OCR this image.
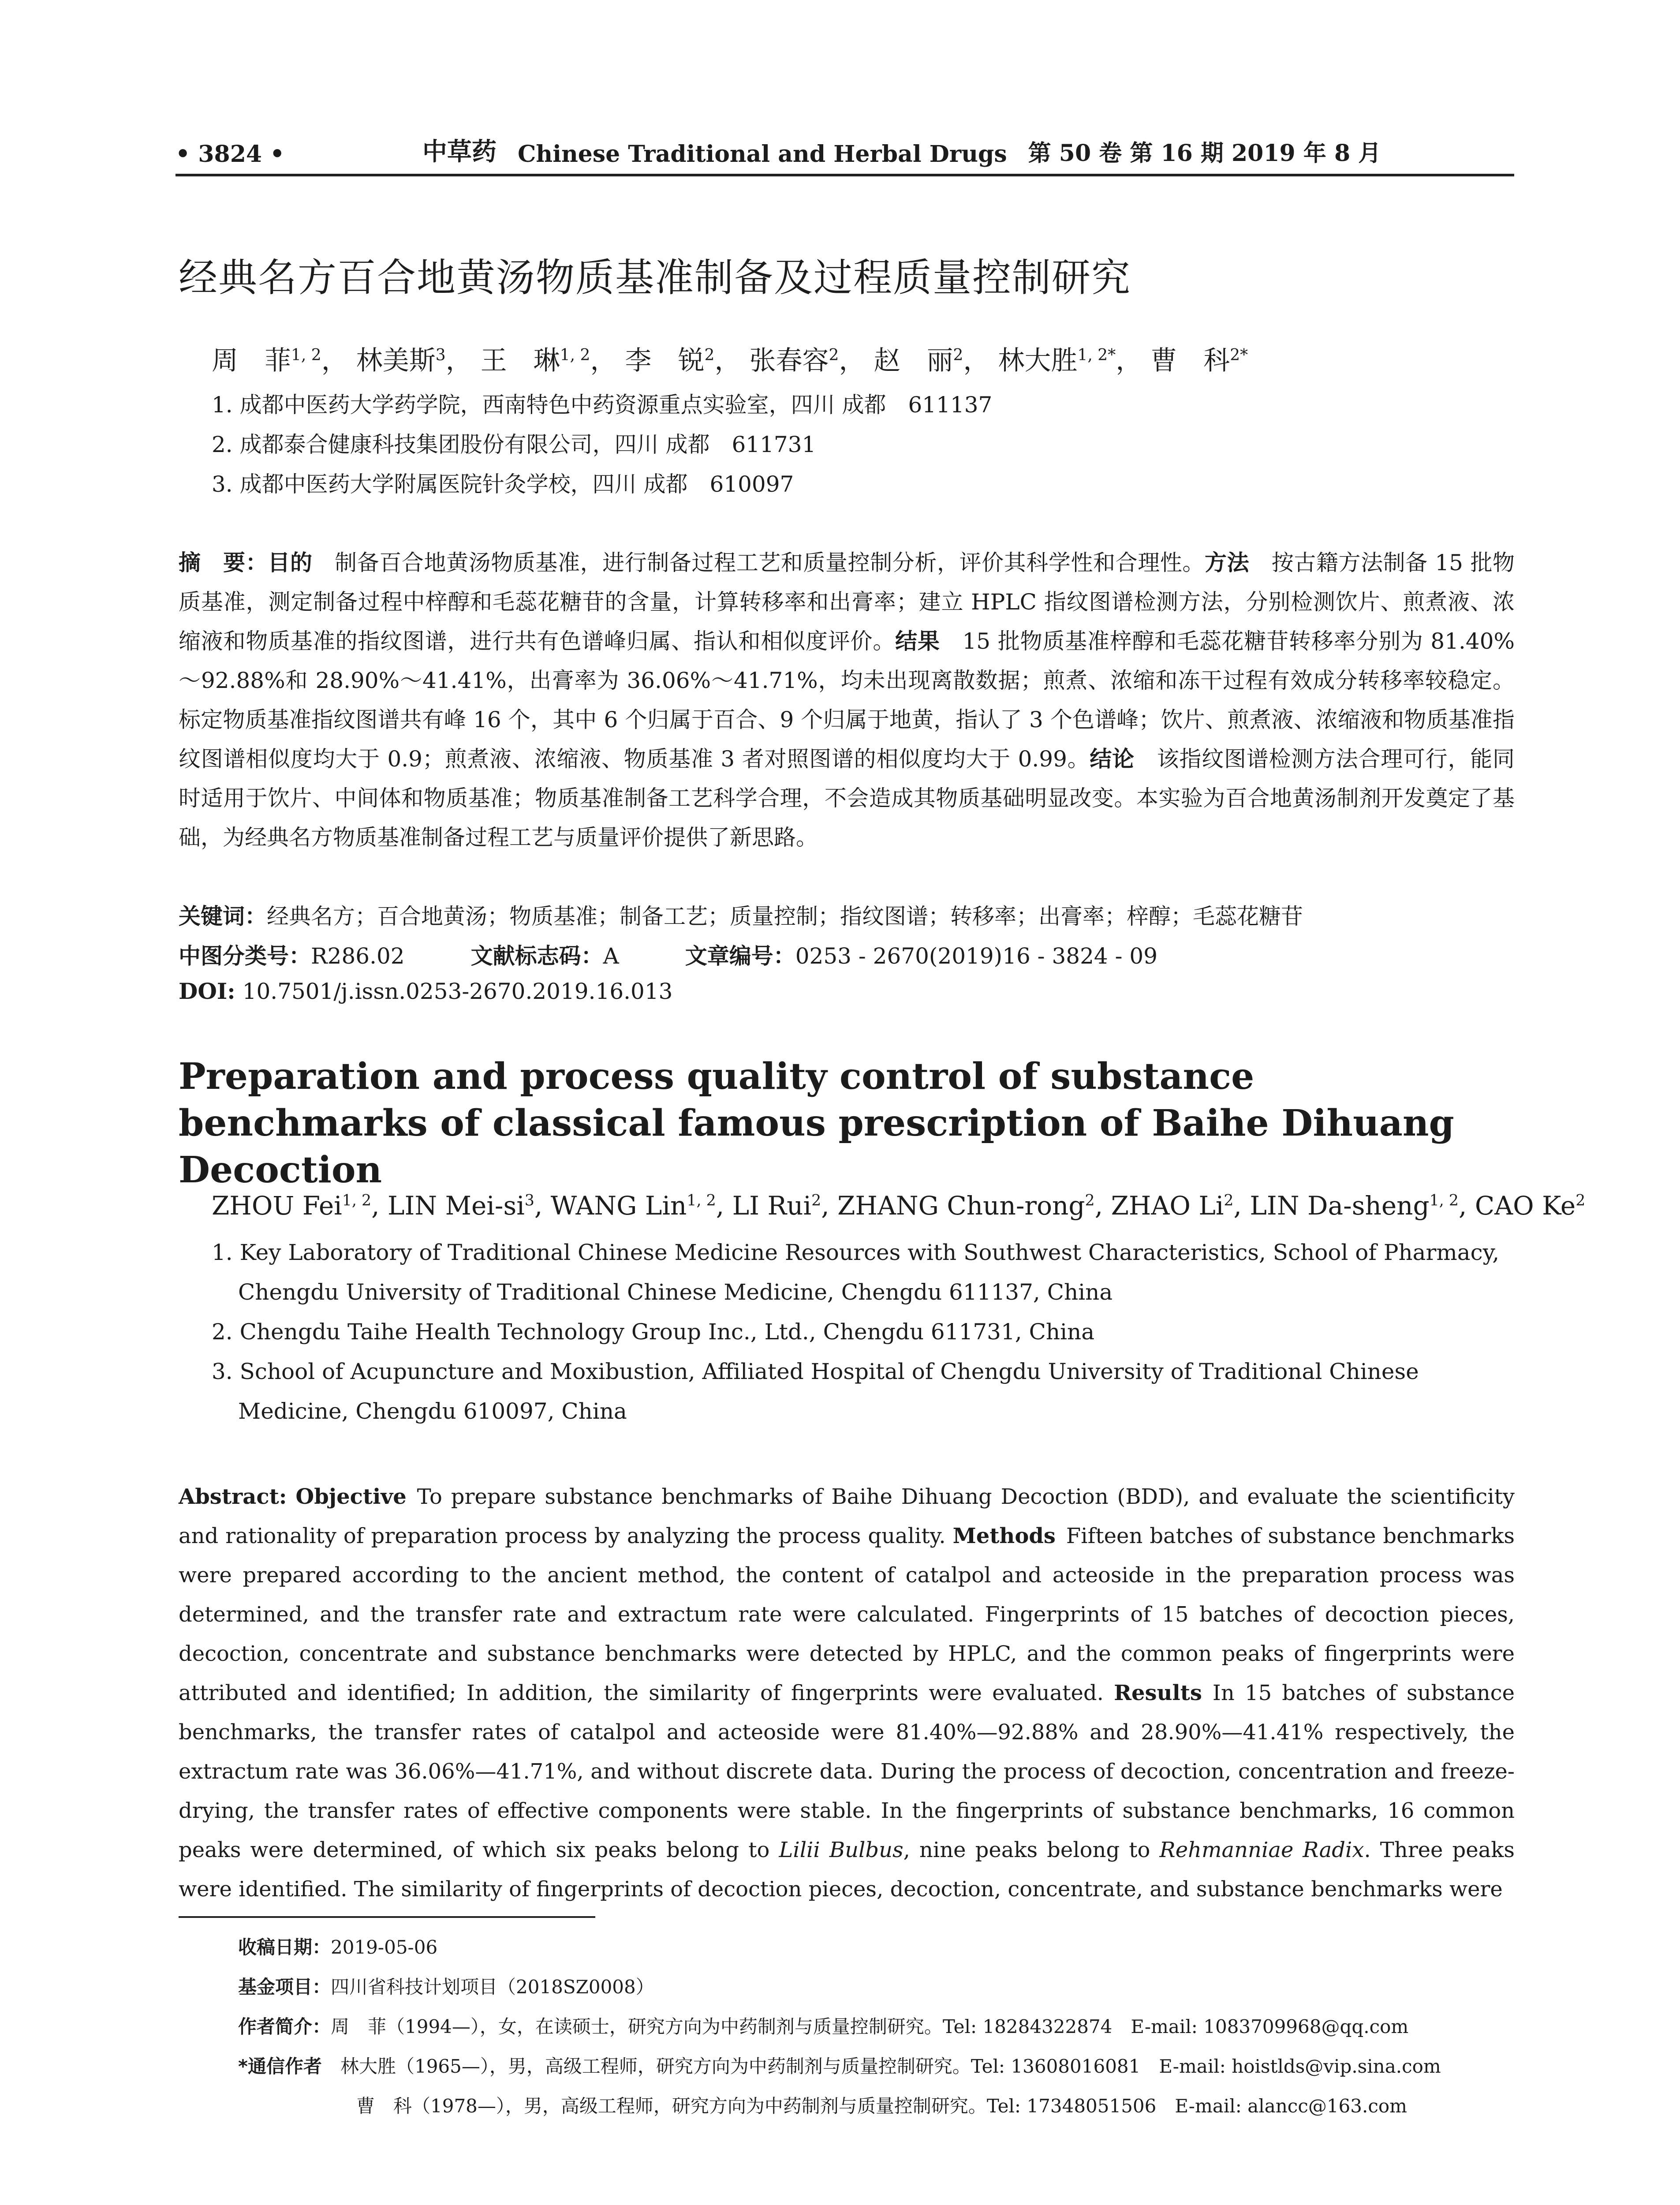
• 3824 •	中草药 Chinese Traditional and Herbal Drugs 第 50 卷 第 16 期 2019 年 8 月
经典名方百合地黄汤物质基准制备及过程质量控制研究
周　菲$^{1, 2}$， 林美斯$^3$， 王　琳$^{1, 2}$， 李　锐$^2$， 张春容$^2$， 赵　丽$^2$， 林大胜$^{1, 2*}$， 曹　科$^{2*}$
1. 成都中医药大学药学院，西南特色中药资源重点实验室，四川 成都　611137
2. 成都泰合健康科技集团股份有限公司，四川 成都　611731
3. 成都中医药大学附属医院针灸学校，四川 成都　610097
摘　要：目的　 制备百合地黄汤物质基准，进行制备过程工艺和质量控制分析，评价其科学性和合理性。方法　 按古籍方法制备 15 批物质基准，测定制备过程中梓醇和毛蕊花糖苷的含量，计算转移率和出膏率；建立 HPLC 指纹图谱检测方法，分别检测饮片、煎煮液、浓缩液和物质基准的指纹图谱，进行共有色谱峰归属、指认和相似度评价。结果　 15 批物质基准梓醇和毛蕊花糖苷转移率分别为 81.40%～92.88%和 28.90%～41.41%，出膏率为 36.06%～41.71%，均未出现离散数据；煎煮、浓缩和冻干过程有效成分转移率较稳定。标定物质基准指纹图谱共有峰 16 个，其中 6 个归属于百合、9 个归属于地黄，指认了 3 个色谱峰；饮片、煎煮液、浓缩液和物质基准指纹图谱相似度均大于 0.9；煎煮液、浓缩液、物质基准 3 者对照图谱的相似度均大于 0.99。结论　 该指纹图谱检测方法合理可行，能同时适用于饮片、中间体和物质基准；物质基准制备工艺科学合理，不会造成其物质基础明显改变。本实验为百合地黄汤制剂开发奠定了基础，为经典名方物质基准制备过程工艺与质量评价提供了新思路。
关键词：经典名方；百合地黄汤；物质基准；制备工艺；质量控制；指纹图谱；转移率；出膏率；梓醇；毛蕊花糖苷
中图分类号：R286.02	文献标志码：A	文章编号：0253 - 2670(2019)16 - 3824 - 09
DOI: 10.7501/j.issn.0253-2670.2019.16.013
Preparation and process quality control of substance benchmarks of classical famous prescription of Baihe Dihuang Decoction
ZHOU Fei$^{1, 2}$, LIN Mei-$si^3$, WANG Lin$^{1, 2}$, LI Rui$^2$, ZHANG Chun-rong$^2$, ZHAO Li$^2$, LIN Da-sheng$^{1, 2}$, CAO Ke$^2$
1. Key Laboratory of Traditional Chinese Medicine Resources with Southwest Characteristics, School of Pharmacy, Chengdu University of Traditional Chinese Medicine, Chengdu 611137, China
2. Chengdu Taihe Health Technology Group Inc., Ltd., Chengdu 611731, China
3. School of Acupuncture and Moxibustion, Affiliated Hospital of Chengdu University of Traditional Chinese Medicine, Chengdu 610097, China
Abstract: Objective To prepare substance benchmarks of Baihe Dihuang Decoction (BDD), and evaluate the scientificity and rationality of preparation process by analyzing the process quality. Methods Fifteen batches of substance benchmarks were prepared according to the ancient method, the content of catalpol and acteoside in the preparation process was determined, and the transfer rate and extractum rate were calculated. Fingerprints of 15 batches of decoction pieces, decoction, concentrate and substance benchmarks were detected by HPLC, and the common peaks of fingerprints were attributed and identified; In addition, the similarity of fingerprints were evaluated. Results In 15 batches of substance benchmarks, the transfer rates of catalpol and acteoside were 81.40%—92.88% and 28.90%—41.41% respectively, the extractum rate was 36.06%—41.71%, and without discrete data. During the process of decoction, concentration and freeze-drying, the transfer rates of effective components were stable. In the fingerprints of substance benchmarks, 16 common peaks were determined, of which six peaks belong to Lilii Bulbus, nine peaks belong to Rehmanniae Radix. Three peaks were identified. The similarity of fingerprints of decoction pieces, decoction, concentrate, and substance benchmarks were
收稿日期：2019-05-06
基金项目：四川省科技计划项目（2018SZ0008）
作者简介：周　菲（1994—），女，在读硕士，研究方向为中药制剂与质量控制研究。Tel: 18284322874　E-mail: 1083709968@qq.com
*通信作者　 林大胜（1965—），男，高级工程师，研究方向为中药制剂与质量控制研究。Tel: 13608016081　E-mail: hoistlds@vip.sina.com
曹　科（1978—），男，高级工程师，研究方向为中药制剂与质量控制研究。Tel: 17348051506　E-mail: alancc@163.com
